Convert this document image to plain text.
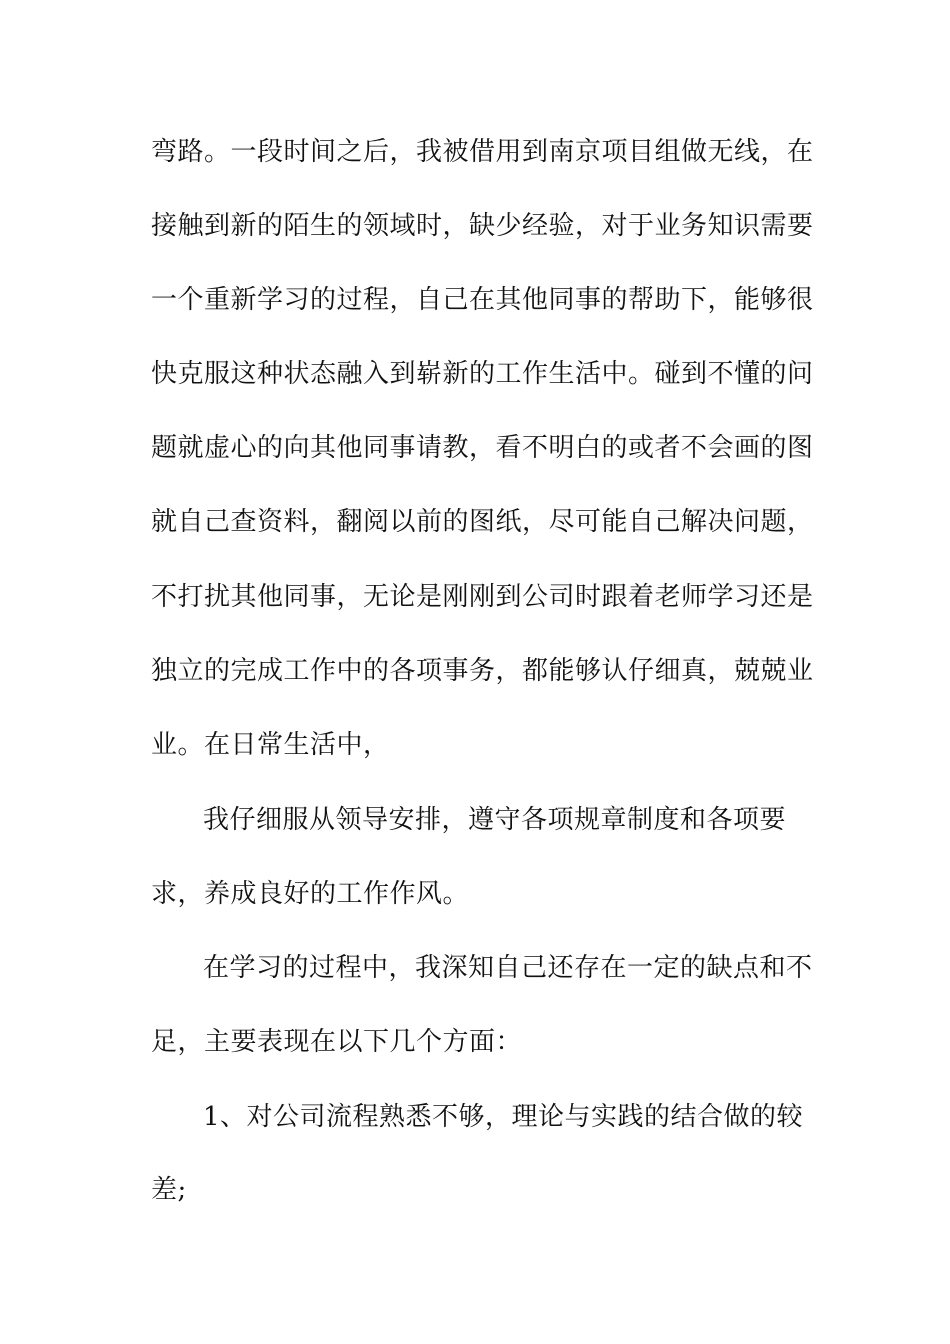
弯路。一段时间之后，我被借用到南京项目组做无线，在
接触到新的陌生的领域时，缺少经验，对于业务知识需要
一个重新学习的过程，自己在其他同事的帮助下，能够很
快克服这种状态融入到崭新的工作生活中。碰到不懂的问
题就虚心的向其他同事请教，看不明白的或者不会画的图
就自己查资料，翻阅以前的图纸，尽可能自己解决问题，
不打扰其他同事，无论是刚刚到公司时跟着老师学习还是
独立的完成工作中的各项事务，都能够认仔细真，兢兢业
业。在日常生活中，
我仔细服从领导安排，遵守各项规章制度和各项要
求，养成良好的工作作风。
在学习的过程中，我深知自己还存在一定的缺点和不
足，主要表现在以下几个方面：
1、对公司流程熟悉不够，理论与实践的结合做的较
差;
